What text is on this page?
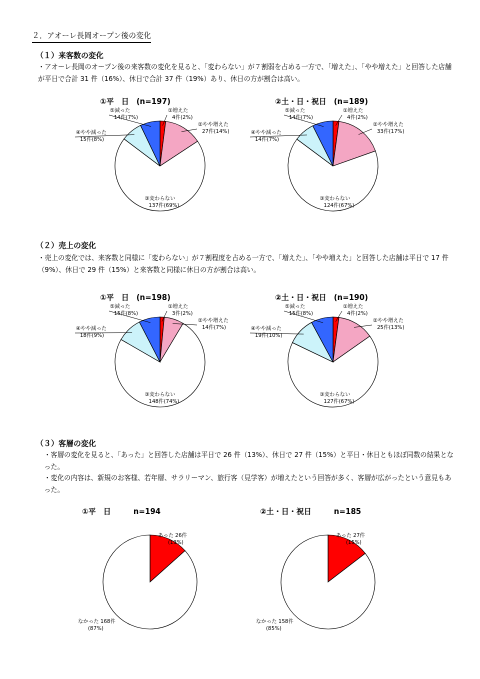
２．アオーレ長岡オープン後の変化
（１）来客数の変化
・アオーレ長岡のオープン後の来客数の変化を見ると、「変わらない」が７割弱を占める一方で、「増えた」、「やや増えた」と回答した店舗が平日で合計 31 件（16%）、休日で合計 37 件（19%）あり、休日の方が割合は高い。
①平　日　 (n=197)
①増えた
4件(2%)
②やや増えた
27件(14%)
③変わらない
137件(69%)
④やや減った
15件(8%)
⑤減った
14件(7%)
②土・日・祝日　 (n=189)
①増えた
4件(2%)
②やや増えた
33件(17%)
③変わらない
124件(67%)
④やや減った
14件(7%)
⑤減った
14件(7%)
（２）売上の変化
・売上の変化では、来客数と同様に「変わらない」が７割程度を占める一方で、「増えた」、「やや増えた」と回答した店舗は平日で 17 件（9%）、休日で 29 件（15%）と来客数と同様に休日の方が割合は高い。
①平　日　 (n=198)
①増えた
3件(2%)
②やや増えた
14件(7%)
③変わらない
148件(74%)
④やや減った
18件(9%)
⑤減った
15件(8%)
②土・日・祝日　 (n=190)
①増えた
4件(2%)
②やや増えた
25件(13%)
③変わらない
127件(67%)
④やや減った
19件(10%)
⑤減った
15件(8%)
（３）客層の変化
・客層の変化を見ると、「あった」と回答した店舗は平日で 26 件（13%）、休日で 27 件（15%）と平日・休日ともほぼ同数の結果となった。
・変化の内容は、新規のお客様、若年層、サラリーマン、旅行客（見学客）が増えたという回答が多く、客層が広がったという意見もあった。
①平　日　　　	n=194
あった 26件
(13%)
なかった 168件
(87%)
②土・日・祝日　　　	n=185
あった 27件
(15%)
なかった 158件
(85%)
